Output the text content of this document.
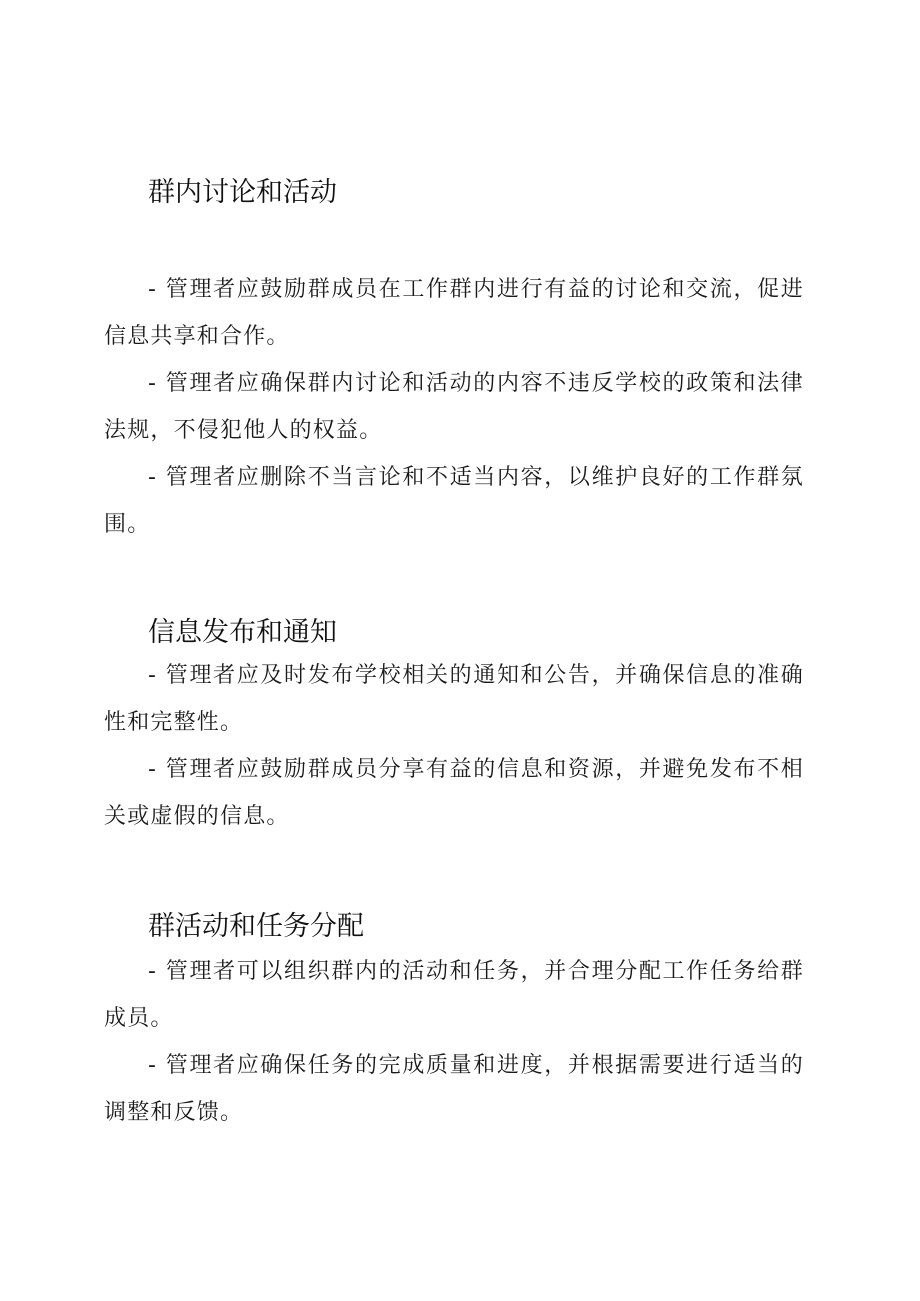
群内讨论和活动

- 管理者应鼓励群成员在工作群内进行有益的讨论和交流，促进信息共享和合作。

- 管理者应确保群内讨论和活动的内容不违反学校的政策和法律法规，不侵犯他人的权益。

- 管理者应删除不当言论和不适当内容，以维护良好的工作群氛围。

信息发布和通知

- 管理者应及时发布学校相关的通知和公告，并确保信息的准确性和完整性。

- 管理者应鼓励群成员分享有益的信息和资源，并避免发布不相关或虚假的信息。

群活动和任务分配

- 管理者可以组织群内的活动和任务，并合理分配工作任务给群成员。

- 管理者应确保任务的完成质量和进度，并根据需要进行适当的调整和反馈。
